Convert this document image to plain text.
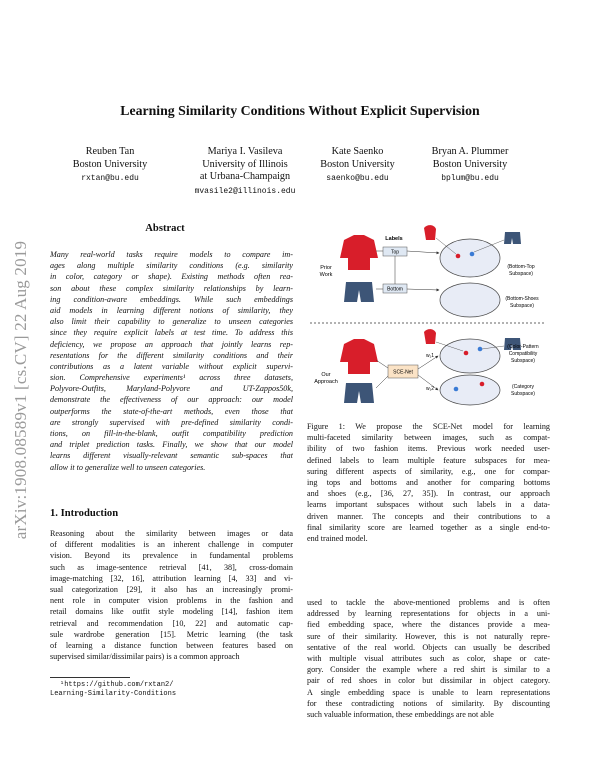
arXiv:1908.08589v1 [cs.CV] 22 Aug 2019
Learning Similarity Conditions Without Explicit Supervision
Reuben Tan
Boston University
rxtan@bu.edu
Mariya I. Vasileva
University of Illinois
at Urbana-Champaign
mvasile2@illinois.edu
Kate Saenko
Boston University
saenko@bu.edu
Bryan A. Plummer
Boston University
bplum@bu.edu
Abstract
Many real-world tasks require models to compare im-
ages along multiple similarity conditions (e.g. similarity
in color, category or shape). Existing methods often rea-
son about these complex similarity relationships by learn-
ing condition-aware embeddings. While such embeddings
aid models in learning different notions of similarity, they
also limit their capability to generalize to unseen categories
since they require explicit labels at test time. To address this
deficiency, we propose an approach that jointly learns rep-
resentations for the different similarity conditions and their
contributions as a latent variable without explicit supervi-
sion. Comprehensive experiments¹ across three datasets,
Polyvore-Outfits, Maryland-Polyvore and UT-Zappos50k,
demonstrate the effectiveness of our approach: our model
outperforms the state-of-the-art methods, even those that
are strongly supervised with pre-defined similarity condi-
tions, on fill-in-the-blank, outfit compatibility prediction
and triplet prediction tasks. Finally, we show that our model
learns different visually-relevant semantic sub-spaces that
allow it to generalize well to unseen categories.
1. Introduction
Reasoning about the similarity between images or data
of different modalities is an inherent challenge in computer
vision. Beyond its prevalence in fundamental problems
such as image-sentence retrieval [41, 38], cross-domain
image-matching [32, 16], attribution learning [4, 33] and vi-
sual categorization [29], it also has an increasingly promi-
nent role in computer vision problems in the fashion and
retail domains like outfit style modeling [14], fashion item
retrieval and recommendation [10, 22] and automatic cap-
sule wardrobe generation [15]. Metric learning (the task
of learning a distance function between features based on
supervised similar/dissimilar pairs) is a common approach
¹https://github.com/rxtan2/
Learning-Similarity-Conditions
Prior
Work
Labels
Top
Bottom
(Bottom-Top
Subspace)
(Bottom-Shoes
Subspace)
Our
Approach
SCE-Net
w₁1
w₁2
(Color-Pattern
Compatibility
Subspace)
(Category
Subspace)
Figure 1: We propose the SCE-Net model for learning
multi-faceted similarity between images, such as compat-
ibility of two fashion items. Previous work needed user-
defined labels to learn multiple feature subspaces for mea-
suring different aspects of similarity, e.g., one for compar-
ing tops and bottoms and another for comparing bottoms
and shoes (e.g., [36, 27, 35]). In contrast, our approach
learns important subspaces without such labels in a data-
driven manner. The concepts and their contributions to a
final similarity score are learned together as a single end-to-
end trained model.
used to tackle the above-mentioned problems and is often
addressed by learning representations for objects in a uni-
fied embedding space, where the distances provide a mea-
sure of their similarity. However, this is not naturally repre-
sentative of the real world. Objects can usually be described
with multiple visual attributes such as color, shape or cate-
gory. Consider the example where a red shirt is similar to a
pair of red shoes in color but dissimilar in object category.
A single embedding space is unable to learn representations
for these contradicting notions of similarity. By discounting
such valuable information, these embeddings are not able
